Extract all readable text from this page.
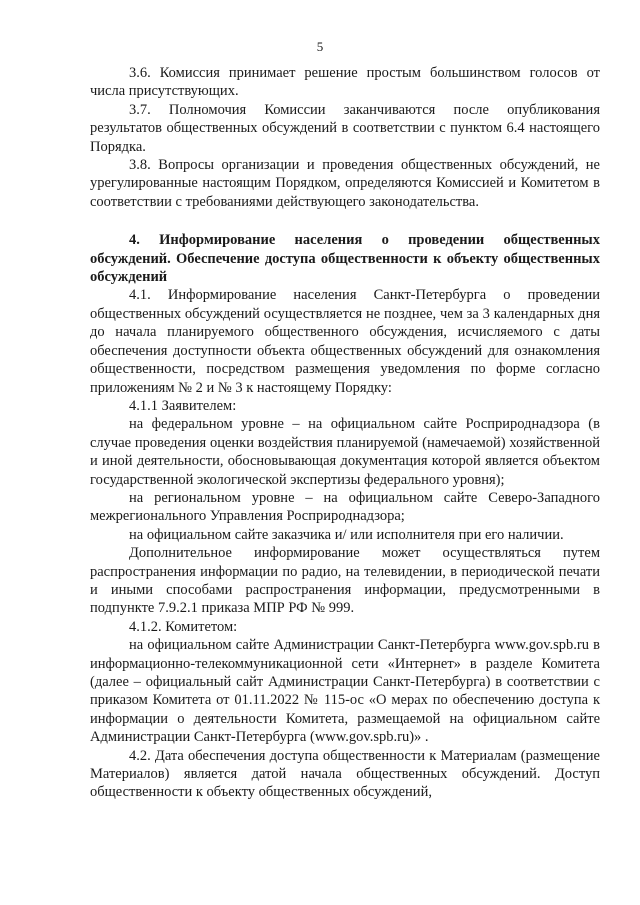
5

3.6. Комиссия принимает решение простым большинством голосов от числа присутствующих.

3.7. Полномочия Комиссии заканчиваются после опубликования результатов общественных обсуждений в соответствии с пунктом 6.4 настоящего Порядка.

3.8. Вопросы организации и проведения общественных обсуждений, не урегулированные настоящим Порядком, определяются Комиссией и Комитетом в соответствии с требованиями действующего законодательства.

4. Информирование населения о проведении общественных обсуждений. Обеспечение доступа общественности к объекту общественных обсуждений

4.1. Информирование населения Санкт-Петербурга о проведении общественных обсуждений осуществляется не позднее, чем за 3 календарных дня до начала планируемого общественного обсуждения, исчисляемого с даты обеспечения доступности объекта общественных обсуждений для ознакомления общественности, посредством размещения уведомления по форме согласно приложениям № 2 и № 3 к настоящему Порядку:

4.1.1 Заявителем:

на федеральном уровне – на официальном сайте Росприроднадзора (в случае проведения оценки воздействия планируемой (намечаемой) хозяйственной и иной деятельности, обосновывающая документация которой является объектом государственной экологической экспертизы федерального уровня);

на региональном уровне – на официальном сайте Северо-Западного межрегионального Управления Росприроднадзора;

на официальном сайте заказчика и/ или исполнителя при его наличии.

Дополнительное информирование может осуществляться путем распространения информации по радио, на телевидении, в периодической печати и иными способами распространения информации, предусмотренными в подпункте 7.9.2.1 приказа МПР РФ № 999.

4.1.2. Комитетом:

на официальном сайте Администрации Санкт-Петербурга www.gov.spb.ru в информационно-телекоммуникационной сети «Интернет» в разделе Комитета (далее – официальный сайт Администрации Санкт-Петербурга) в соответствии с приказом Комитета от 01.11.2022 № 115-ос «О мерах по обеспечению доступа к информации о деятельности Комитета, размещаемой на официальном сайте Администрации Санкт-Петербурга (www.gov.spb.ru)» .

4.2. Дата обеспечения доступа общественности к Материалам (размещение Материалов) является датой начала общественных обсуждений. Доступ общественности к объекту общественных обсуждений,
